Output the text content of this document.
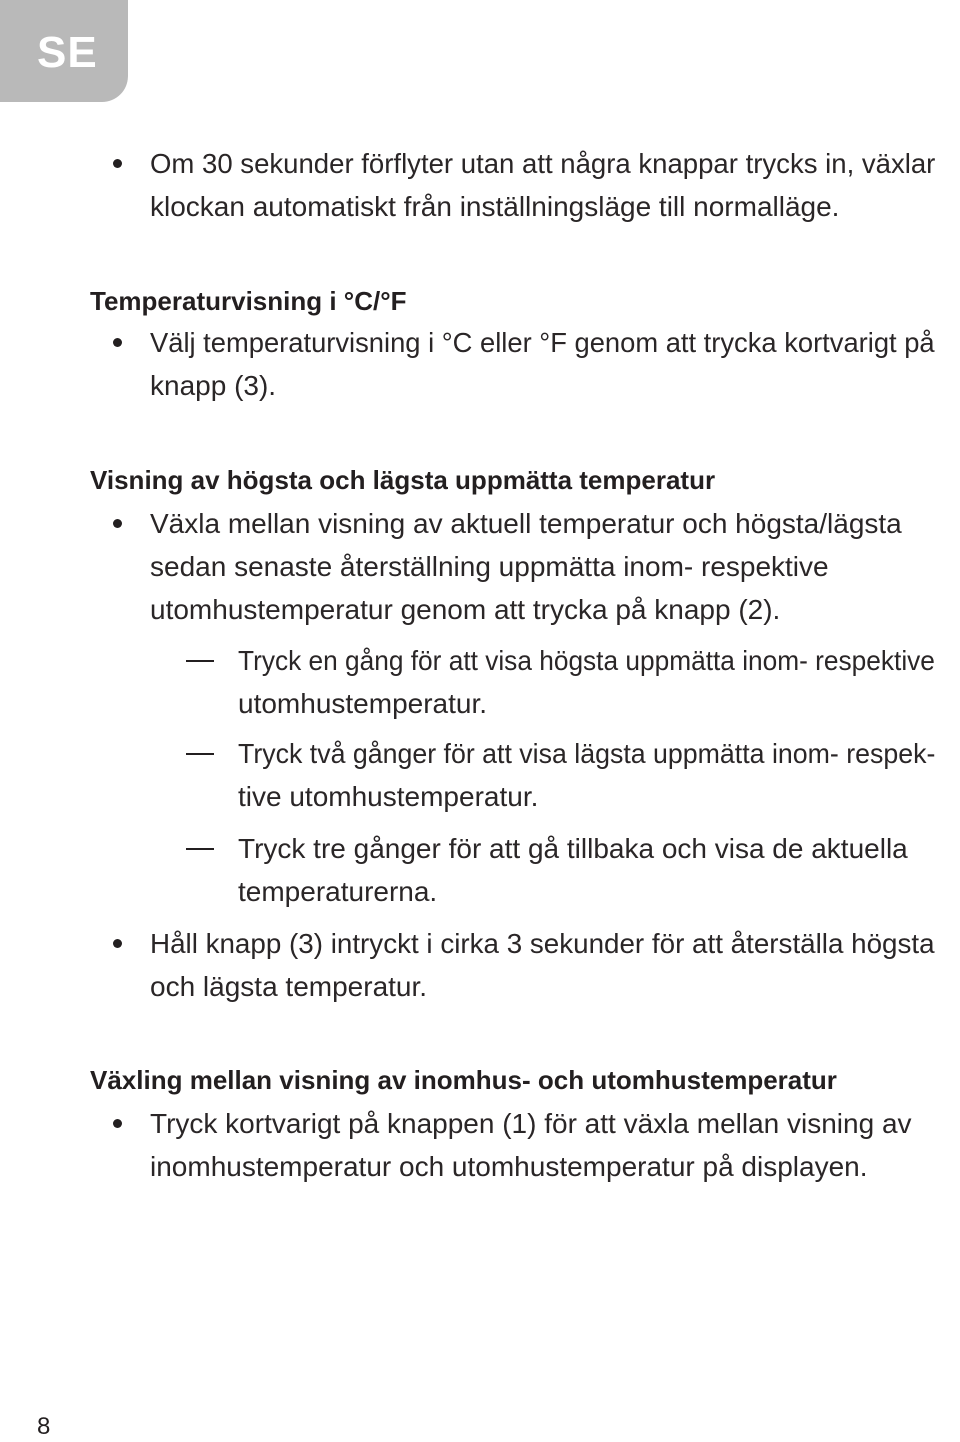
SE
Om 30 sekunder förflyter utan att några knappar trycks in, växlar
klockan automatiskt från inställningsläge till normalläge.
Temperaturvisning i °C/°F
Välj temperaturvisning i °C eller °F genom att trycka kortvarigt på
knapp (3).
Visning av högsta och lägsta uppmätta temperatur
Växla mellan visning av aktuell temperatur och högsta/lägsta
sedan senaste återställning uppmätta inom- respektive
utomhustemperatur genom att trycka på knapp (2).
Tryck en gång för att visa högsta uppmätta inom- respektive
utomhustemperatur.
Tryck två gånger för att visa lägsta uppmätta inom- respek-
tive utomhustemperatur.
Tryck tre gånger för att gå tillbaka och visa de aktuella
temperaturerna.
Håll knapp (3) intryckt i cirka 3 sekunder för att återställa högsta
och lägsta temperatur.
Växling mellan visning av inomhus- och utomhustemperatur
Tryck kortvarigt på knappen (1) för att växla mellan visning av
inomhustemperatur och utomhustemperatur på displayen.
8
